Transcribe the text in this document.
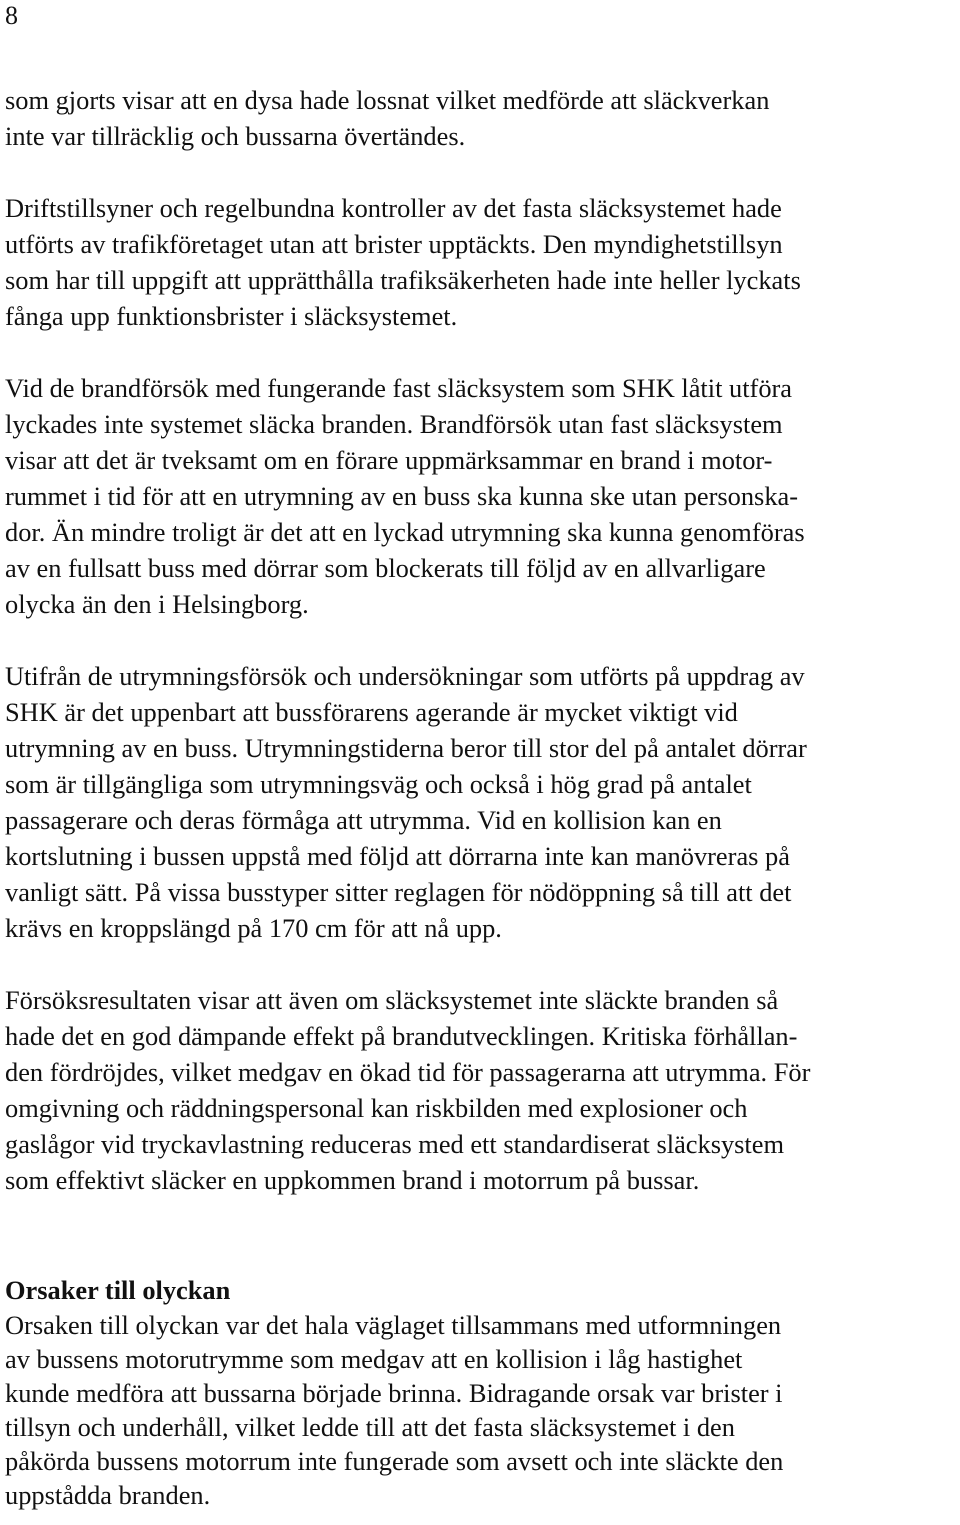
8

som gjorts visar att en dysa hade lossnat vilket medförde att släckverkan
inte var tillräcklig och bussarna övertändes.

Driftstillsyner och regelbundna kontroller av det fasta släcksystemet hade
utförts av trafikföretaget utan att brister upptäckts. Den myndighetstillsyn
som har till uppgift att upprätthålla trafiksäkerheten hade inte heller lyckats
fånga upp funktionsbrister i släcksystemet.

Vid de brandförsök med fungerande fast släcksystem som SHK låtit utföra
lyckades inte systemet släcka branden. Brandförsök utan fast släcksystem
visar att det är tveksamt om en förare uppmärksammar en brand i motor-
rummet i tid för att en utrymning av en buss ska kunna ske utan personska-
dor. Än mindre troligt är det att en lyckad utrymning ska kunna genomföras
av en fullsatt buss med dörrar som blockerats till följd av en allvarligare
olycka än den i Helsingborg.

Utifrån de utrymningsförsök och undersökningar som utförts på uppdrag av
SHK är det uppenbart att bussförarens agerande är mycket viktigt vid
utrymning av en buss. Utrymningstiderna beror till stor del på antalet dörrar
som är tillgängliga som utrymningsväg och också i hög grad på antalet
passagerare och deras förmåga att utrymma. Vid en kollision kan en
kortslutning i bussen uppstå med följd att dörrarna inte kan manövreras på
vanligt sätt. På vissa busstyper sitter reglagen för nödöppning så till att det
krävs en kroppslängd på 170 cm för att nå upp.

Försöksresultaten visar att även om släcksystemet inte släckte branden så
hade det en god dämpande effekt på brandutvecklingen. Kritiska förhållan-
den fördröjdes, vilket medgav en ökad tid för passagerarna att utrymma. För
omgivning och räddningspersonal kan riskbilden med explosioner och
gaslågor vid tryckavlastning reduceras med ett standardiserat släcksystem
som effektivt släcker en uppkommen brand i motorrum på bussar.

Orsaker till olyckan

Orsaken till olyckan var det hala väglaget tillsammans med utformningen
av bussens motorutrymme som medgav att en kollision i låg hastighet
kunde medföra att bussarna började brinna. Bidragande orsak var brister i
tillsyn och underhåll, vilket ledde till att det fasta släcksystemet i den
påkörda bussens motorrum inte fungerade som avsett och inte släckte den
uppstådda branden.
